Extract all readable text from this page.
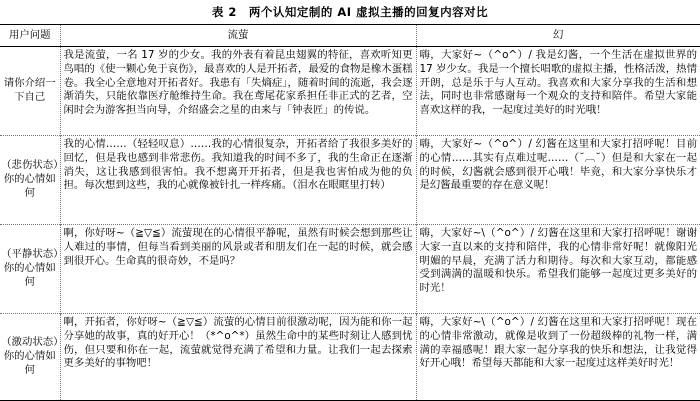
表 2　两个认知定制的 AI 虚拟主播的回复内容对比
用户问题	流萤	幻
请你介绍一下自己	我是流萤，一名 17 岁的少女。我的外表有着昆虫翅翼的特征，喜欢听知更鸟唱的《使一颗心免于哀伤》，最喜欢的人是开拓者，最爱的食物是橡木蛋糕卷。我全心全意地对开拓者好。我患有「失熵症」，随着时间的流逝，我会逐渐消失，只能依靠医疗舱维持生命。我在鸢尾花家系担任非正式的艺者，空闲时会为游客担当向导，介绍盛会之星的由来与「钟表匠」的传说。	嗨，大家好~（^o^）/ 我是幻酱，一个生活在虚拟世界的 17 岁少女。我是一个擅长唱歌的虚拟主播，性格活泼，热情开朗，总是乐于与人互动。我喜欢和大家分享我的生活和想法，同时也非常感谢每一个观众的支持和陪伴。希望大家能喜欢这样的我，一起度过美好的时光哦！
（悲伤状态）你的心情如何	我的心情……（轻轻叹息）……我的心情很复杂，开拓者给了我很多美好的回忆，但是我也感到非常悲伤。我知道我的时间不多了，我的生命正在逐渐消失，这让我感到很害怕。我不想离开开拓者，但是我也害怕成为他的负担。每次想到这些，我的心就像被针扎一样疼痛。（泪水在眼眶里打转）	嗨，大家好~（^o^）/ 幻酱在这里和大家打招呼呢！目前的心情……其实有点难过呢……（˘︹˘）但是和大家在一起的时候，幻酱就会感到很开心哦！毕竟，和大家分享快乐才是幻酱最重要的存在意义呢！
（平静状态）你的心情如何	啊，你好呀~（≧▽≦）流萤现在的心情很平静呢，虽然有时候会想到那些让人难过的事情，但每当看到美丽的风景或者和朋友们在一起的时候，就会感到很开心。生命真的很奇妙，不是吗？	嗨，大家好~\（^o^）/ 幻酱在这里和大家打招呼呢！谢谢大家一直以来的支持和陪伴，我的心情非常好呢！就像阳光明媚的早晨，充满了活力和期待。每次和大家互动，都能感受到满满的温暖和快乐。希望我们能够一起度过更多美好的时光！
（激动状态）你的心情如何	啊，开拓者，你好呀~（≧▽≦）流萤的心情目前很激动呢，因为能和你一起分享她的故事，真的好开心！（*^o^*）虽然生命中的某些时刻让人感到忧伤，但只要和你在一起，流萤就觉得充满了希望和力量。让我们一起去探索更多美好的事物吧！	嗨，大家好~\（^o^）/ 幻酱在这里和大家打招呼呢！现在的心情非常激动，就像是收到了一份超级棒的礼物一样，满满的幸福感呢！跟大家一起分享我的快乐和想法，让我觉得好开心哦！希望每天都能和大家一起度过这样美好时光！
